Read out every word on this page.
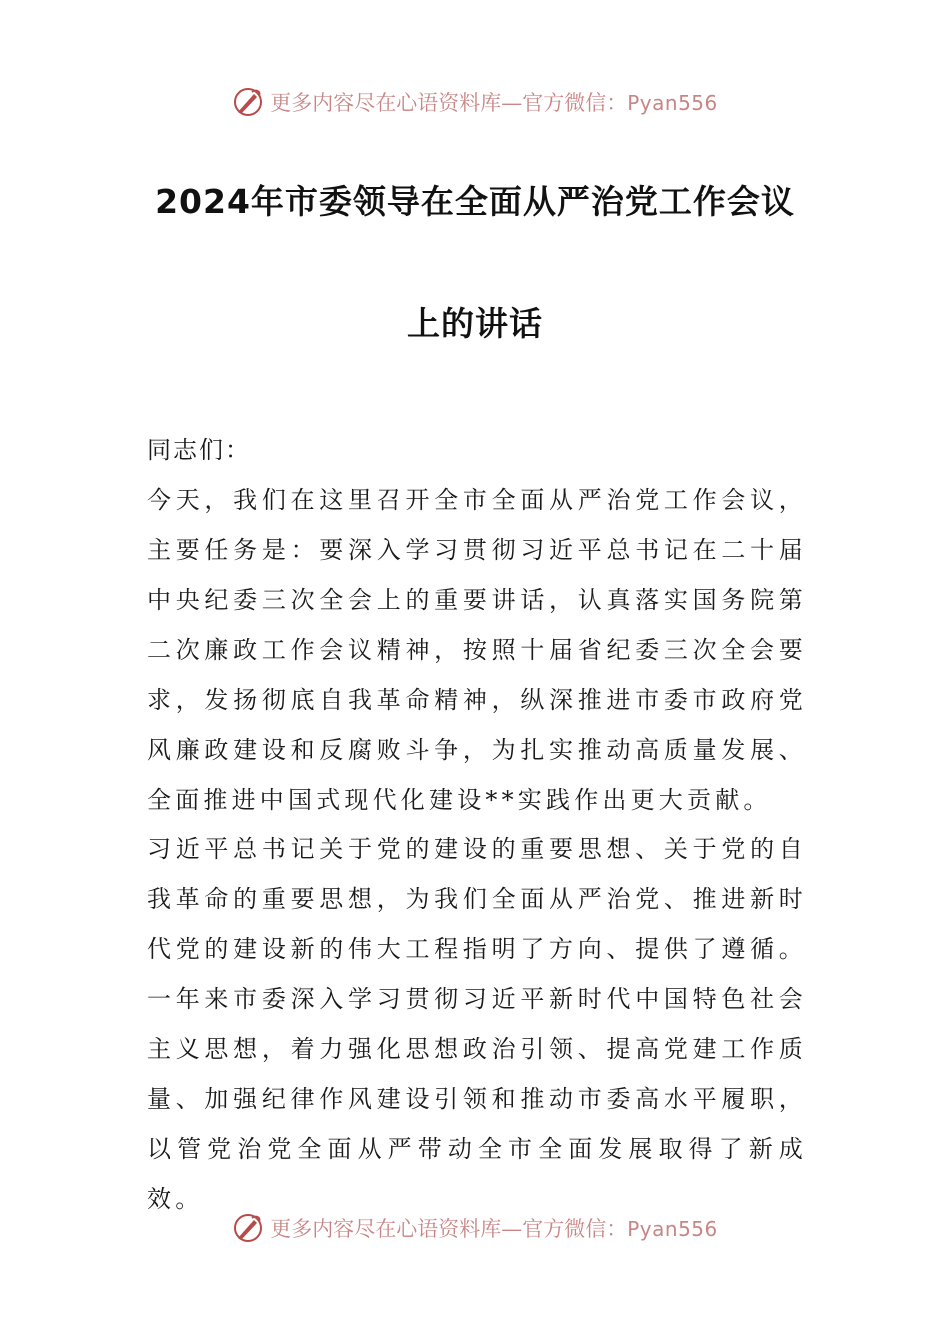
更多内容尽在心语资料库—官方微信：Pyan556
2024年市委领导在全面从严治党工作会议
上的讲话
同志们：

今天，我们在这里召开全市全面从严治党工作会议，主要任务是：要深入学习贯彻习近平总书记在二十届中央纪委三次全会上的重要讲话，认真落实国务院第二次廉政工作会议精神，按照十届省纪委三次全会要求，发扬彻底自我革命精神，纵深推进市委市政府党风廉政建设和反腐败斗争，为扎实推动高质量发展、全面推进中国式现代化建设**实践作出更大贡献。

习近平总书记关于党的建设的重要思想、关于党的自我革命的重要思想，为我们全面从严治党、推进新时代党的建设新的伟大工程指明了方向、提供了遵循。一年来市委深入学习贯彻习近平新时代中国特色社会主义思想，着力强化思想政治引领、提高党建工作质量、加强纪律作风建设引领和推动市委高水平履职，以管党治党全面从严带动全市全面发展取得了新成效。

更多内容尽在心语资料库—官方微信：Pyan556
